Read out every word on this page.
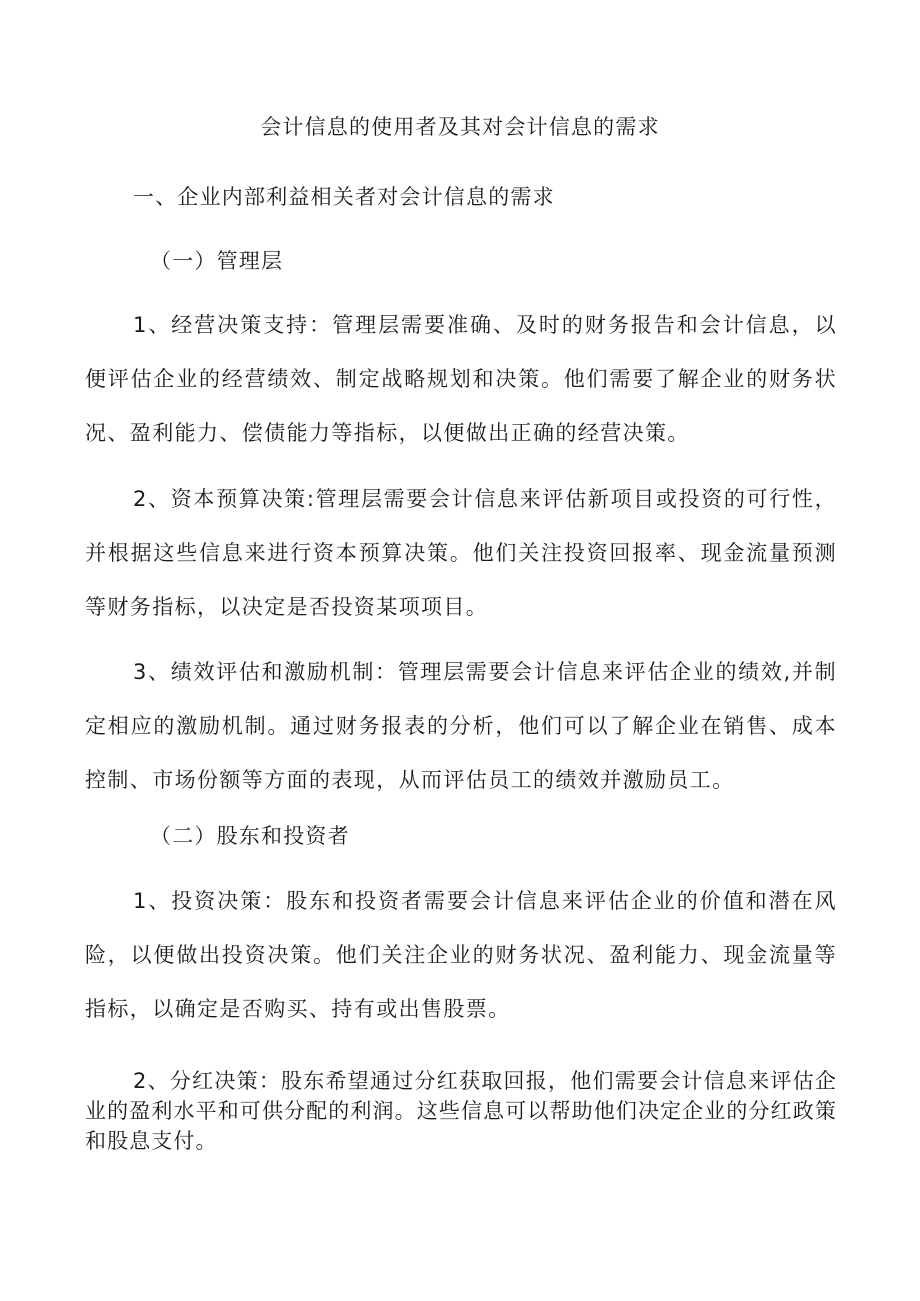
会计信息的使用者及其对会计信息的需求
一、企业内部利益相关者对会计信息的需求
（一）管理层

1、经营决策支持：管理层需要准确、及时的财务报告和会计信息，以便评估企业的经营绩效、制定战略规划和决策。他们需要了解企业的财务状况、盈利能力、偿债能力等指标，以便做出正确的经营决策。

2、资本预算决策:管理层需要会计信息来评估新项目或投资的可行性，并根据这些信息来进行资本预算决策。他们关注投资回报率、现金流量预测等财务指标，以决定是否投资某项项目。

3、绩效评估和激励机制：管理层需要会计信息来评估企业的绩效,并制定相应的激励机制。通过财务报表的分析，他们可以了解企业在销售、成本控制、市场份额等方面的表现，从而评估员工的绩效并激励员工。

（二）股东和投资者

1、投资决策：股东和投资者需要会计信息来评估企业的价值和潜在风险，以便做出投资决策。他们关注企业的财务状况、盈利能力、现金流量等指标，以确定是否购买、持有或出售股票。

2、分红决策：股东希望通过分红获取回报，他们需要会计信息来评估企业的盈利水平和可供分配的利润。这些信息可以帮助他们决定企业的分红政策和股息支付。
